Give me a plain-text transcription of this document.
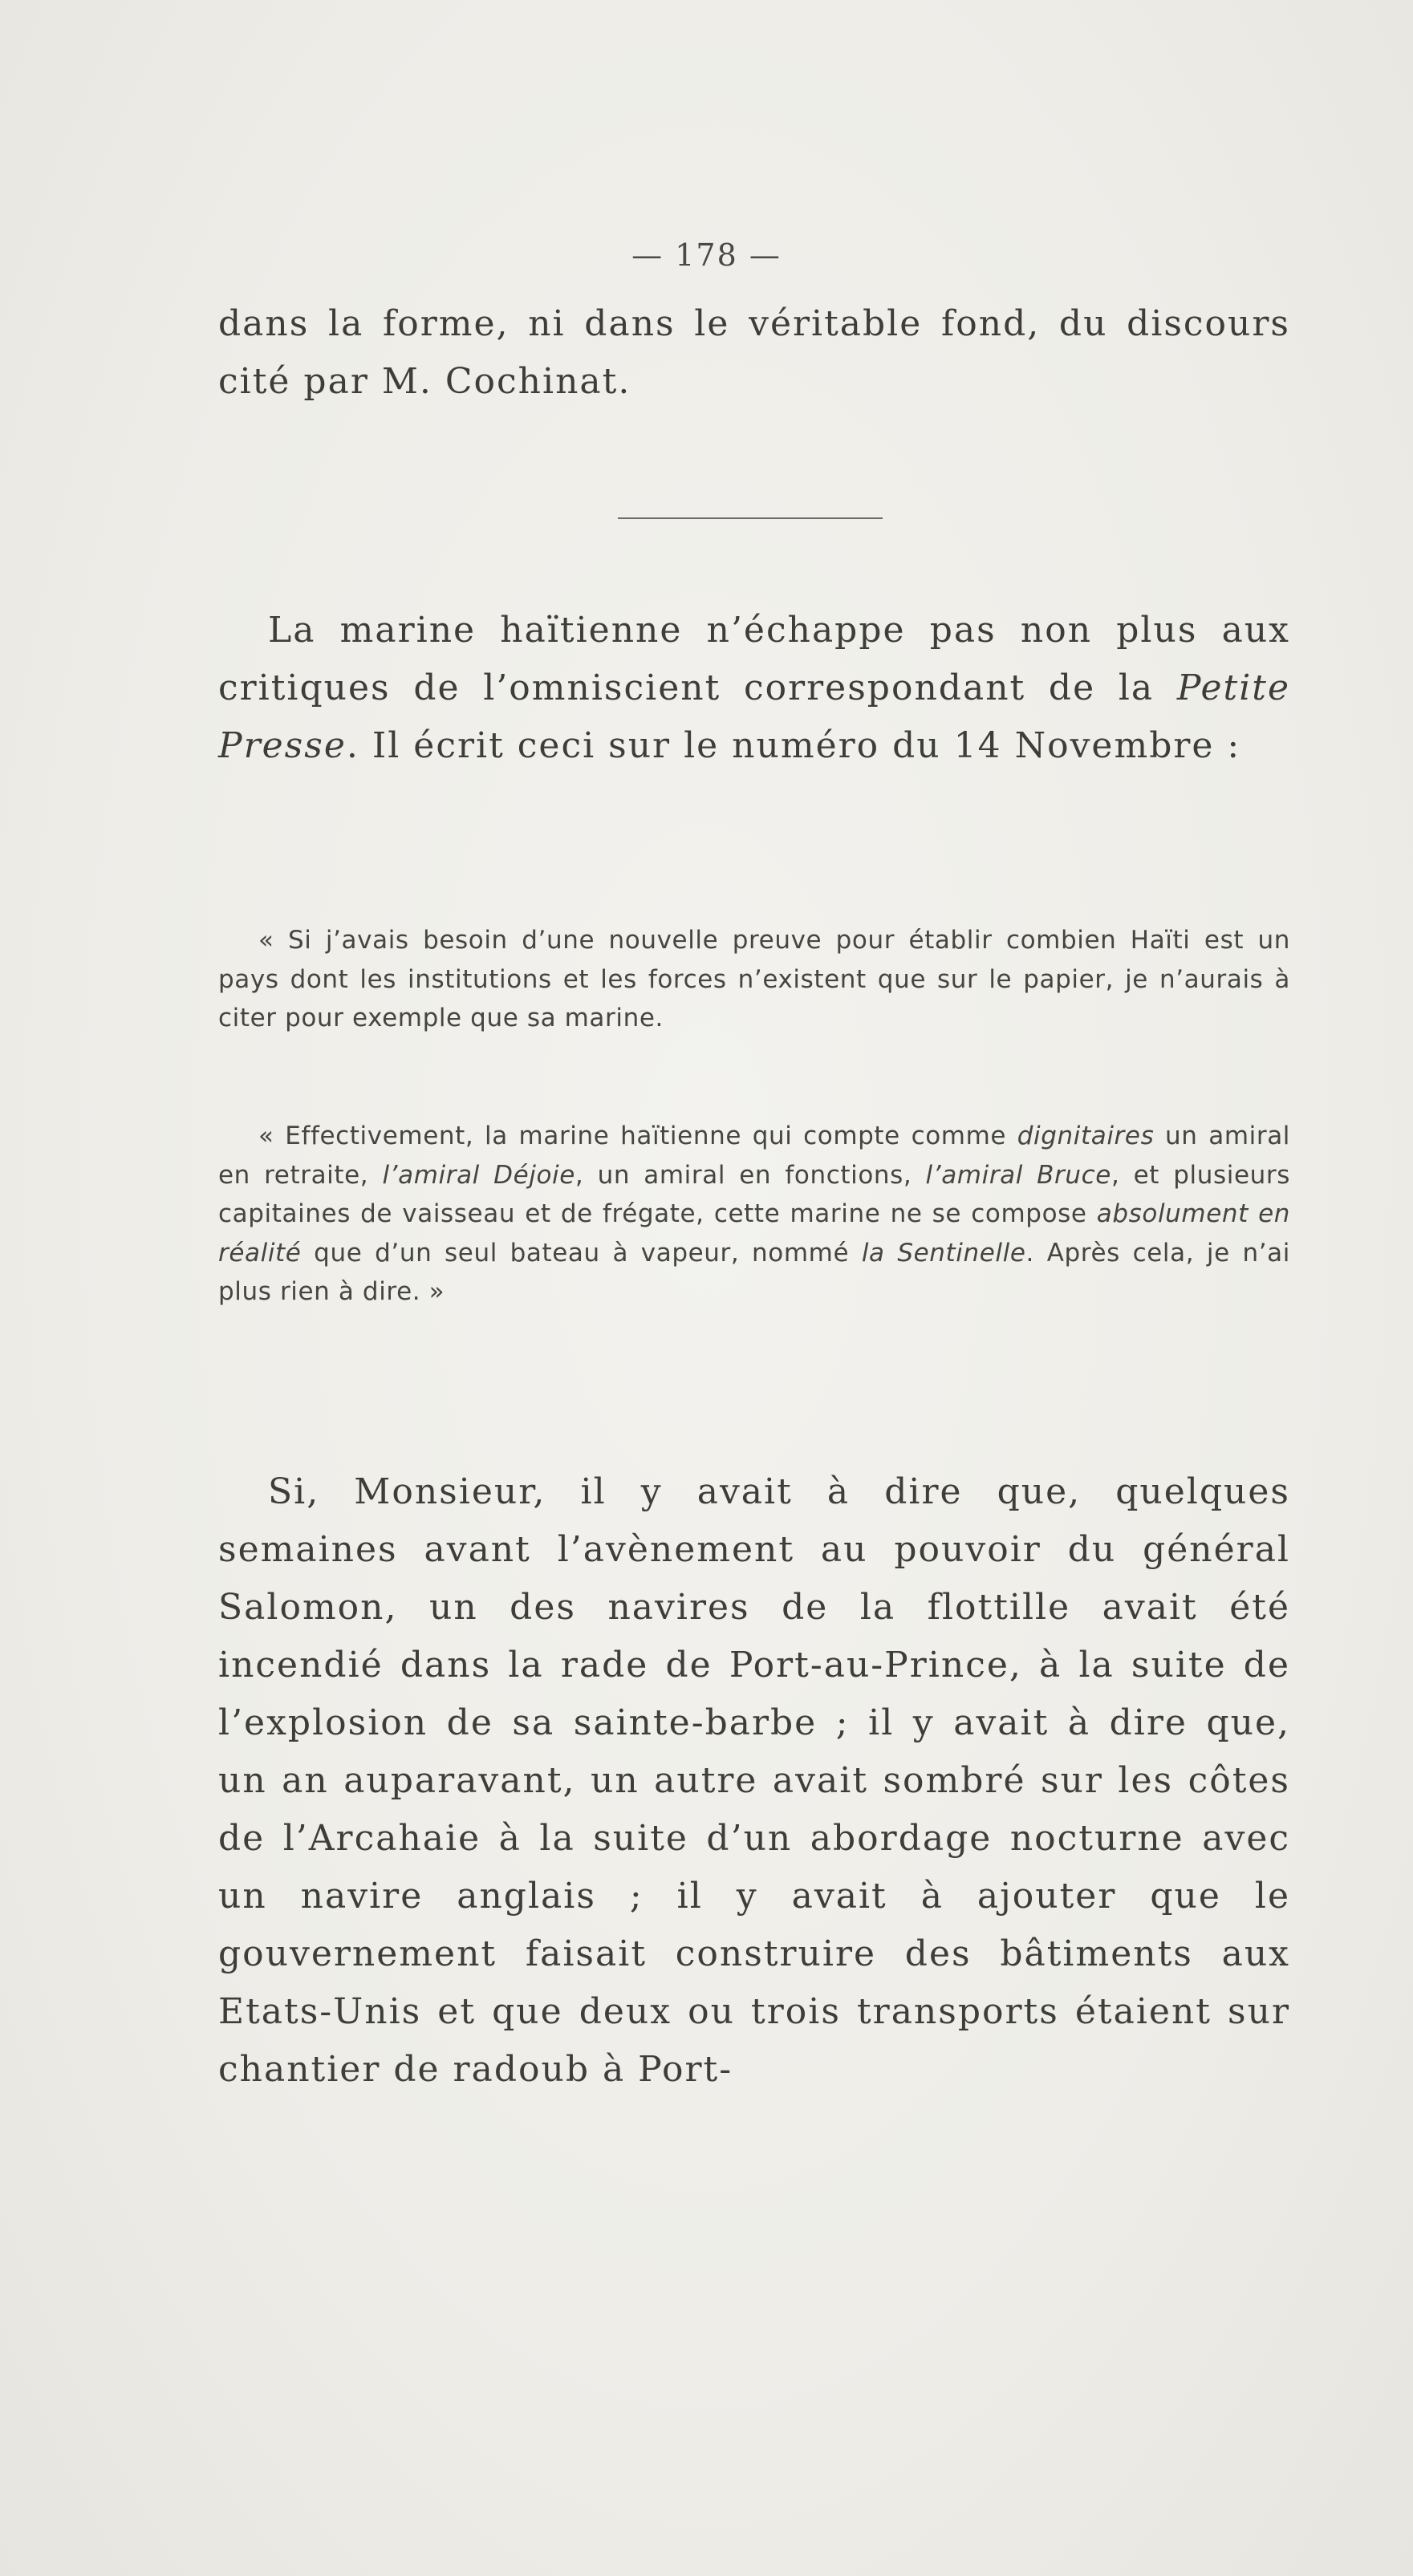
— 178 —

dans la forme, ni dans le véritable fond, du discours cité par M. Cochinat.

La marine haïtienne n’échappe pas non plus aux critiques de l’omniscient correspondant de la Petite Presse. Il écrit ceci sur le numéro du 14 Novembre :

« Si j’avais besoin d’une nouvelle preuve pour établir combien Haïti est un pays dont les institutions et les forces n’existent que sur le papier, je n’aurais à citer pour exemple que sa marine.

« Effectivement, la marine haïtienne qui compte comme dignitaires un amiral en retraite, l’amiral Déjoie, un amiral en fonctions, l’amiral Bruce, et plusieurs capitaines de vaisseau et de frégate, cette marine ne se compose absolument en réalité que d’un seul bateau à vapeur, nommé la Sentinelle. Après cela, je n’ai plus rien à dire. »

Si, Monsieur, il y avait à dire que, quelques semaines avant l’avènement au pouvoir du général Salomon, un des navires de la flottille avait été incendié dans la rade de Port-au-Prince, à la suite de l’explosion de sa sainte-barbe ; il y avait à dire que, un an auparavant, un autre avait sombré sur les côtes de l’Arcahaie à la suite d’un abordage nocturne avec un navire anglais ; il y avait à ajouter que le gouvernement faisait construire des bâtiments aux Etats-Unis et que deux ou trois transports étaient sur chantier de radoub à Port-
